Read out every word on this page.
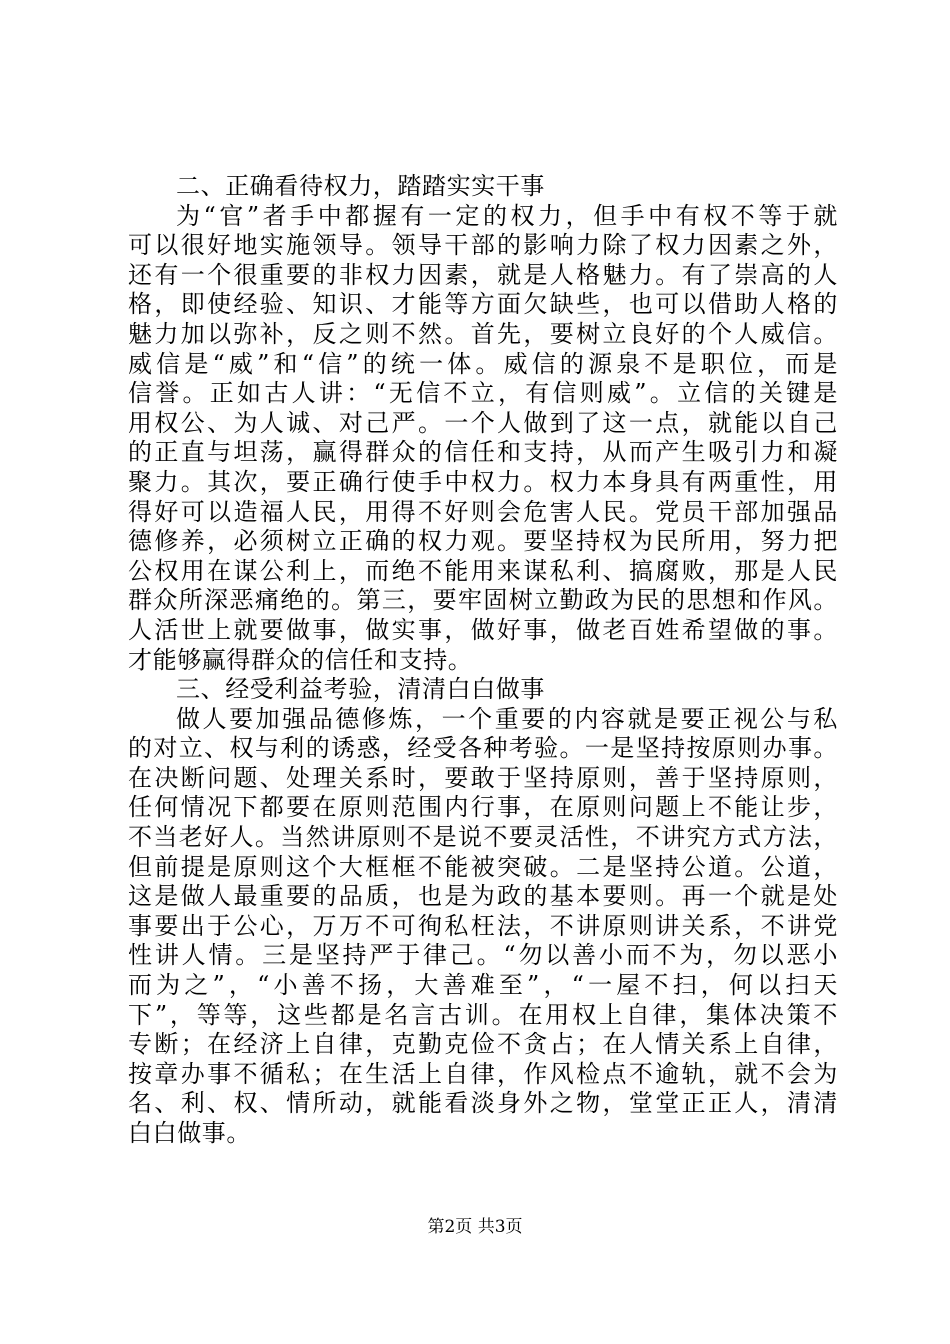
二、正确看待权力，踏踏实实干事
为“官”者手中都握有一定的权力，但手中有权不等于就
可以很好地实施领导。领导干部的影响力除了权力因素之外，
还有一个很重要的非权力因素，就是人格魅力。有了崇高的人
格，即使经验、知识、才能等方面欠缺些，也可以借助人格的
魅力加以弥补，反之则不然。首先，要树立良好的个人威信。
威信是“威”和“信”的统一体。威信的源泉不是职位，而是
信誉。正如古人讲：“无信不立，有信则威”。立信的关键是
用权公、为人诚、对己严。一个人做到了这一点，就能以自己
的正直与坦荡，赢得群众的信任和支持，从而产生吸引力和凝
聚力。其次，要正确行使手中权力。权力本身具有两重性，用
得好可以造福人民，用得不好则会危害人民。党员干部加强品
德修养，必须树立正确的权力观。要坚持权为民所用，努力把
公权用在谋公利上，而绝不能用来谋私利、搞腐败，那是人民
群众所深恶痛绝的。第三，要牢固树立勤政为民的思想和作风。
人活世上就要做事，做实事，做好事，做老百姓希望做的事。
才能够赢得群众的信任和支持。
三、经受利益考验，清清白白做事
做人要加强品德修炼，一个重要的内容就是要正视公与私
的对立、权与利的诱惑，经受各种考验。一是坚持按原则办事。
在决断问题、处理关系时，要敢于坚持原则，善于坚持原则，
任何情况下都要在原则范围内行事，在原则问题上不能让步，
不当老好人。当然讲原则不是说不要灵活性，不讲究方式方法，
但前提是原则这个大框框不能被突破。二是坚持公道。公道，
这是做人最重要的品质，也是为政的基本要则。再一个就是处
事要出于公心，万万不可徇私枉法，不讲原则讲关系，不讲党
性讲人情。三是坚持严于律己。“勿以善小而不为，勿以恶小
而为之”，“小善不扬，大善难至”，“一屋不扫，何以扫天
下”，等等，这些都是名言古训。在用权上自律，集体决策不
专断；在经济上自律，克勤克俭不贪占；在人情关系上自律，
按章办事不循私；在生活上自律，作风检点不逾轨，就不会为
名、利、权、情所动，就能看淡身外之物，堂堂正正人，清清
白白做事。
第2页 共3页
